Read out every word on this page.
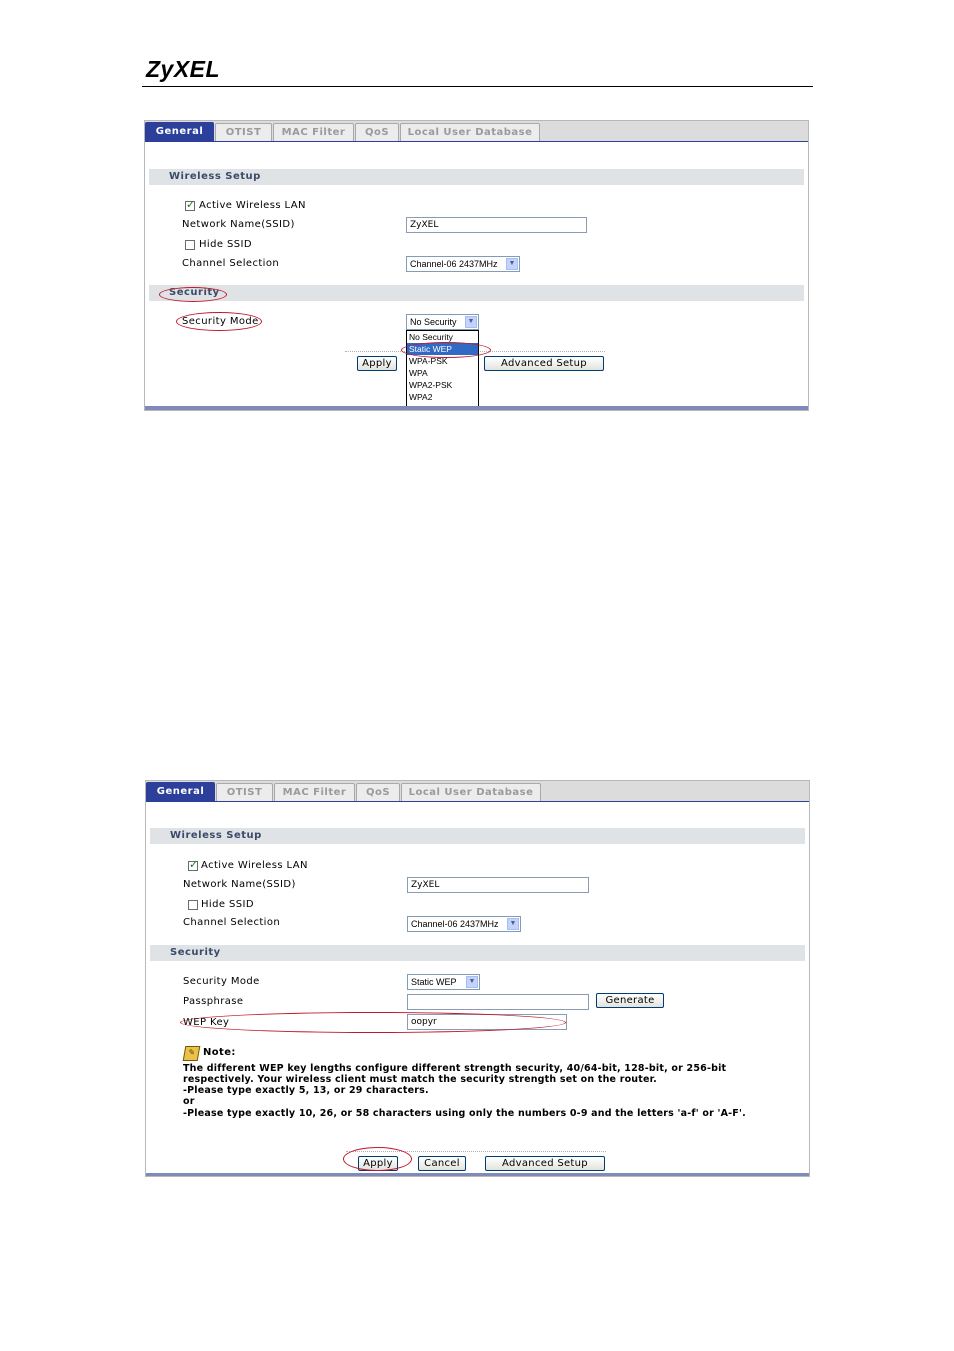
ZyXEL
General	OTIST	MAC Filter	QoS	Local User Database
Wireless Setup
✓
Active Wireless LAN
Network Name(SSID)	ZyXEL
Hide SSID
Channel Selection	Channel-06 2437MHz	▼
Security
Security Mode	No Security	▼
Apply	Advanced Setup
No Security
Static WEP
WPA-PSK
WPA
WPA2-PSK
WPA2
General	OTIST	MAC Filter	QoS	Local User Database
Wireless Setup
✓
Active Wireless LAN
Network Name(SSID)	ZyXEL
Hide SSID
Channel Selection	Channel-06 2437MHz	▼
Security
Security Mode	Static WEP	▼
Passphrase	Generate
WEP Key	oopyr
✎ Note:
The different WEP key lengths configure different strength security, 40/64-bit, 128-bit, or 256-bit
respectively. Your wireless client must match the security strength set on the router.
-Please type exactly 5, 13, or 29 characters.
or
-Please type exactly 10, 26, or 58 characters using only the numbers 0-9 and the letters 'a-f' or 'A-F'.
Apply	Cancel	Advanced Setup
